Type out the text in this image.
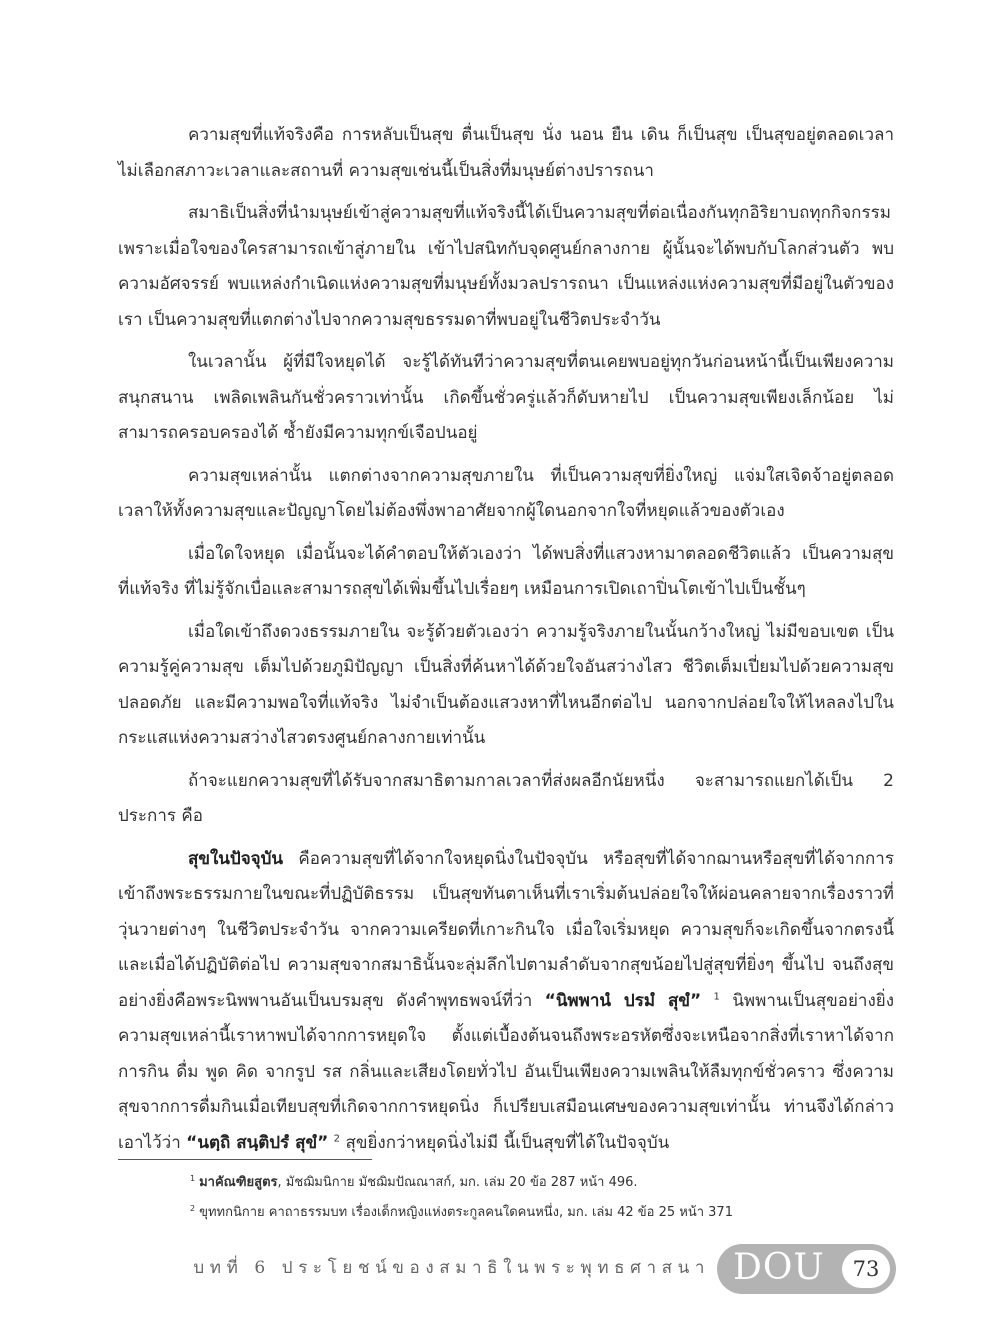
ความสุขที่แท้จริงคือ การหลับเป็นสุข ตื่นเป็นสุข นั่ง นอน ยืน เดิน ก็เป็นสุข เป็นสุขอยู่ตลอดเวลา ไม่เลือกสภาวะเวลาและสถานที่ ความสุขเช่นนี้เป็นสิ่งที่มนุษย์ต่างปรารถนา

สมาธิเป็นสิ่งที่นำมนุษย์เข้าสู่ความสุขที่แท้จริงนี้ได้เป็นความสุขที่ต่อเนื่องกันทุกอิริยาบถทุกกิจกรรม เพราะเมื่อใจของใครสามารถเข้าสู่ภายใน เข้าไปสนิทกับจุดศูนย์กลางกาย ผู้นั้นจะได้พบกับโลกส่วนตัว พบความอัศจรรย์ พบแหล่งกำเนิดแห่งความสุขที่มนุษย์ทั้งมวลปรารถนา เป็นแหล่งแห่งความสุขที่มีอยู่ในตัวของเรา เป็นความสุขที่แตกต่างไปจากความสุขธรรมดาที่พบอยู่ในชีวิตประจำวัน

ในเวลานั้น ผู้ที่มีใจหยุดได้ จะรู้ได้ทันทีว่าความสุขที่ตนเคยพบอยู่ทุกวันก่อนหน้านี้เป็นเพียงความสนุกสนาน เพลิดเพลินกันชั่วคราวเท่านั้น เกิดขึ้นชั่วครู่แล้วก็ดับหายไป เป็นความสุขเพียงเล็กน้อย ไม่สามารถครอบครองได้ ซ้ำยังมีความทุกข์เจือปนอยู่

ความสุขเหล่านั้น แตกต่างจากความสุขภายใน ที่เป็นความสุขที่ยิ่งใหญ่ แจ่มใสเจิดจ้าอยู่ตลอดเวลาให้ทั้งความสุขและปัญญาโดยไม่ต้องพึ่งพาอาศัยจากผู้ใดนอกจากใจที่หยุดแล้วของตัวเอง

เมื่อใดใจหยุด เมื่อนั้นจะได้คำตอบให้ตัวเองว่า ได้พบสิ่งที่แสวงหามาตลอดชีวิตแล้ว เป็นความสุขที่แท้จริง ที่ไม่รู้จักเบื่อและสามารถสุขได้เพิ่มขึ้นไปเรื่อยๆ เหมือนการเปิดเถาปิ่นโตเข้าไปเป็นชั้นๆ

เมื่อใดเข้าถึงดวงธรรมภายใน จะรู้ด้วยตัวเองว่า ความรู้จริงภายในนั้นกว้างใหญ่ ไม่มีขอบเขต เป็นความรู้คู่ความสุข เต็มไปด้วยภูมิปัญญา เป็นสิ่งที่ค้นหาได้ด้วยใจอันสว่างไสว ชีวิตเต็มเปี่ยมไปด้วยความสุข ปลอดภัย และมีความพอใจที่แท้จริง ไม่จำเป็นต้องแสวงหาที่ไหนอีกต่อไป นอกจากปล่อยใจให้ไหลลงไปในกระแสแห่งความสว่างไสวตรงศูนย์กลางกายเท่านั้น

ถ้าจะแยกความสุขที่ได้รับจากสมาธิตามกาลเวลาที่ส่งผลอีกนัยหนึ่ง จะสามารถแยกได้เป็น 2 ประการ คือ

สุขในปัจจุบัน คือความสุขที่ได้จากใจหยุดนิ่งในปัจจุบัน หรือสุขที่ได้จากฌานหรือสุขที่ได้จากการเข้าถึงพระธรรมกายในขณะที่ปฏิบัติธรรม เป็นสุขทันตาเห็นที่เราเริ่มต้นปล่อยใจให้ผ่อนคลายจากเรื่องราวที่วุ่นวายต่างๆ ในชีวิตประจำวัน จากความเครียดที่เกาะกินใจ เมื่อใจเริ่มหยุด ความสุขก็จะเกิดขึ้นจากตรงนี้ และเมื่อได้ปฏิบัติต่อไป ความสุขจากสมาธินั้นจะลุ่มลึกไปตามลำดับจากสุขน้อยไปสู่สุขที่ยิ่งๆ ขึ้นไป จนถึงสุขอย่างยิ่งคือพระนิพพานอันเป็นบรมสุข ดังคำพุทธพจน์ที่ว่า “นิพพานํ ปรมํ สุขํ” $^1$ นิพพานเป็นสุขอย่างยิ่ง ความสุขเหล่านี้เราหาพบได้จากการหยุดใจ ตั้งแต่เบื้องต้นจนถึงพระอรหัตซึ่งจะเหนือจากสิ่งที่เราหาได้จากการกิน ดื่ม พูด คิด จากรูป รส กลิ่นและเสียงโดยทั่วไป อันเป็นเพียงความเพลินให้ลืมทุกข์ชั่วคราว ซึ่งความสุขจากการดื่มกินเมื่อเทียบสุขที่เกิดจากการหยุดนิ่ง ก็เปรียบเสมือนเศษของความสุขเท่านั้น ท่านจึงได้กล่าวเอาไว้ว่า “นตฺถิ สนฺติปรํ สุขํ” $^2$ สุขยิ่งกว่าหยุดนิ่งไม่มี นี้เป็นสุขที่ได้ในปัจจุบัน

$^1$ มาคัณฑิยสูตร, มัชฌิมนิกาย มัชฌิมปัณณาสก์, มก. เล่ม 20 ข้อ 287 หน้า 496.
$^2$ ขุททกนิกาย คาถาธรรมบท เรื่องเด็กหญิงแห่งตระกูลคนใดคนหนึ่ง, มก. เล่ม 42 ข้อ 25 หน้า 371
บทที่ 6 ประโยชน์ของสมาธิในพระพุทธศาสนา DOU	73
